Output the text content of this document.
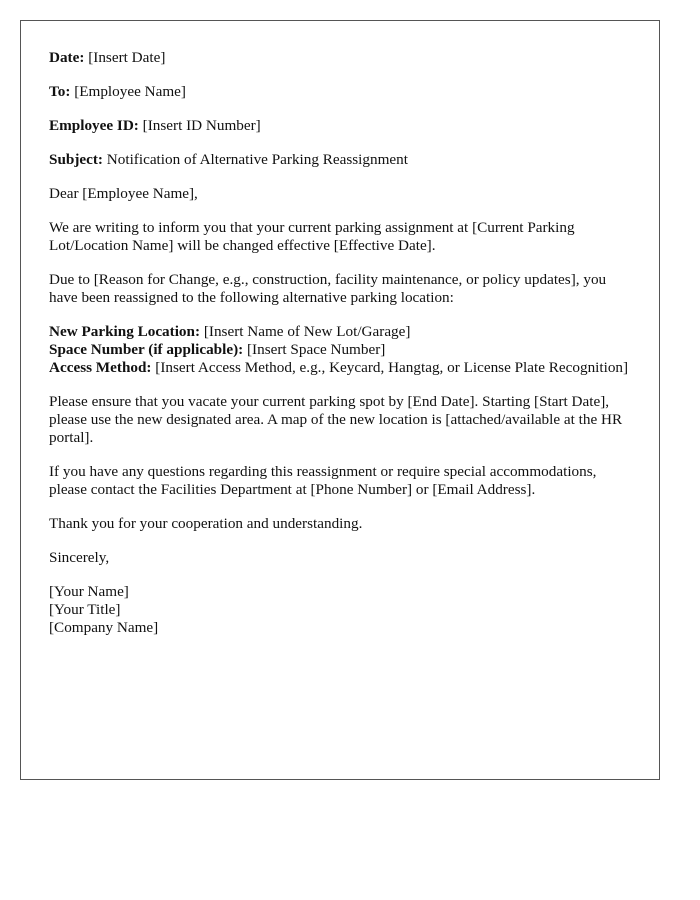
Date: [Insert Date]

To: [Employee Name]

Employee ID: [Insert ID Number]

Subject: Notification of Alternative Parking Reassignment

Dear [Employee Name],

We are writing to inform you that your current parking assignment at [Current Parking Lot/Location Name] will be changed effective [Effective Date].

Due to [Reason for Change, e.g., construction, facility maintenance, or policy updates], you have been reassigned to the following alternative parking location:

New Parking Location: [Insert Name of New Lot/Garage]
Space Number (if applicable): [Insert Space Number]
Access Method: [Insert Access Method, e.g., Keycard, Hangtag, or License Plate Recognition]

Please ensure that you vacate your current parking spot by [End Date]. Starting [Start Date], please use the new designated area. A map of the new location is [attached/available at the HR portal].

If you have any questions regarding this reassignment or require special accommodations, please contact the Facilities Department at [Phone Number] or [Email Address].

Thank you for your cooperation and understanding.

Sincerely,

[Your Name]
[Your Title]
[Company Name]
